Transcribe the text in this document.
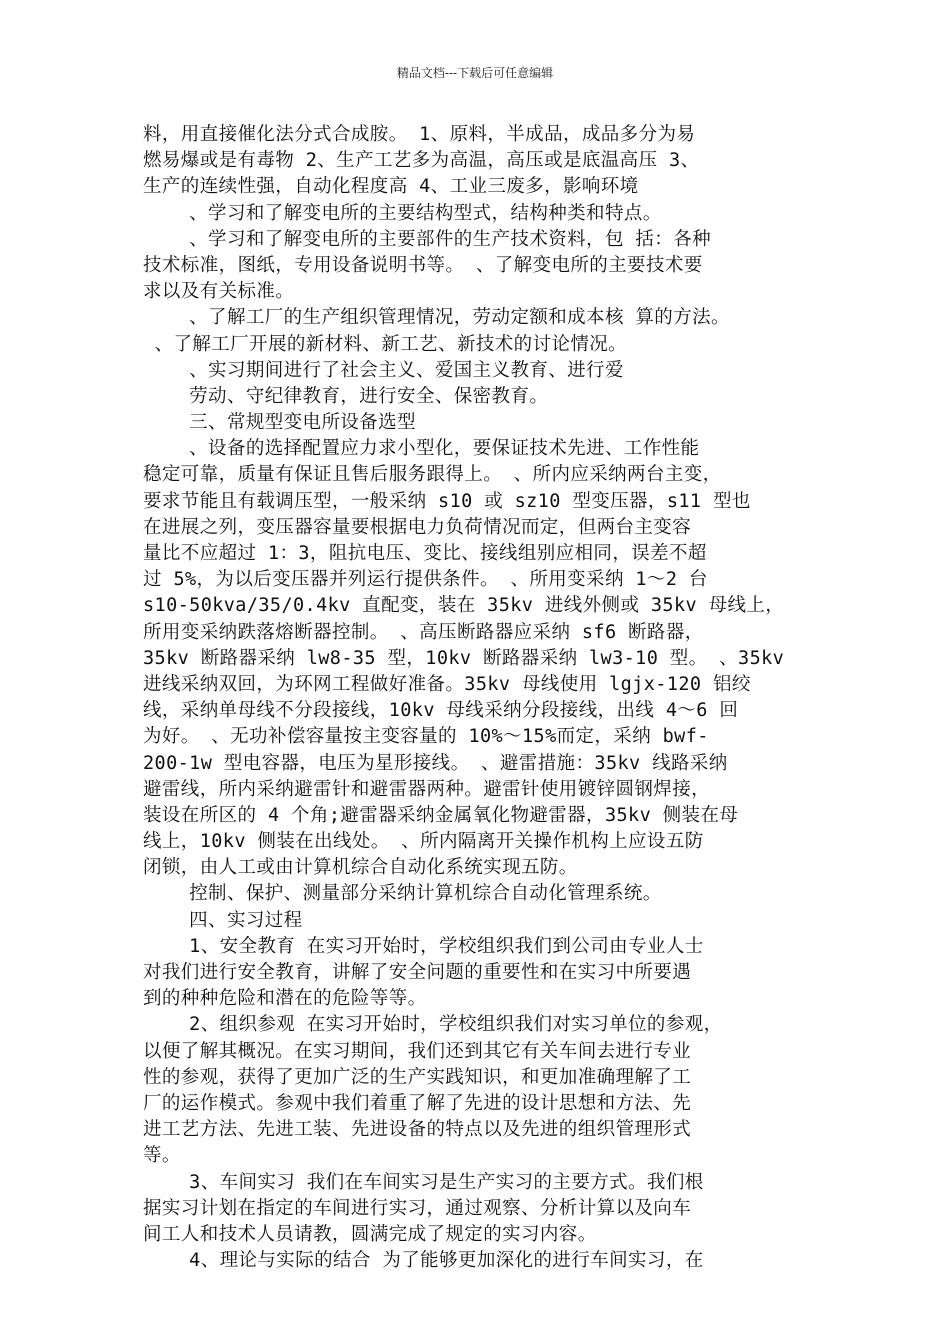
精品文档---下载后可任意编辑
料，用直接催化法分式合成胺。 1、原料，半成品，成品多分为易
燃易爆或是有毒物 2、生产工艺多为高温，高压或是底温高压 3、
生产的连续性强，自动化程度高 4、工业三废多，影响环境
、学习和了解变电所的主要结构型式，结构种类和特点。
、学习和了解变电所的主要部件的生产技术资料，包 括：各种
技术标准，图纸，专用设备说明书等。 、了解变电所的主要技术要
求以及有关标准。
、了解工厂的生产组织管理情况，劳动定额和成本核 算的方法。
、了解工厂开展的新材料、新工艺、新技术的讨论情况。
、实习期间进行了社会主义、爱国主义教育、进行爱
劳动、守纪律教育，进行安全、保密教育。
三、常规型变电所设备选型
、设备的选择配置应力求小型化，要保证技术先进、工作性能
稳定可靠，质量有保证且售后服务跟得上。 、所内应采纳两台主变，
要求节能且有载调压型，一般采纳 s10 或 sz10 型变压器，s11 型也
在进展之列，变压器容量要根据电力负荷情况而定，但两台主变容
量比不应超过 1：3，阻抗电压、变比、接线组别应相同，误差不超
过 5%，为以后变压器并列运行提供条件。 、所用变采纳 1～2 台
s10-50kva/35/0.4kv 直配变，装在 35kv 进线外侧或 35kv 母线上，
所用变采纳跌落熔断器控制。 、高压断路器应采纳 sf6 断路器，
35kv 断路器采纳 lw8-35 型，10kv 断路器采纳 lw3-10 型。 、35kv
进线采纳双回，为环网工程做好准备。35kv 母线使用 lgjx-120 铝绞
线，采纳单母线不分段接线，10kv 母线采纳分段接线，出线 4～6 回
为好。 、无功补偿容量按主变容量的 10%～15%而定，采纳 bwf-
200-1w 型电容器，电压为星形接线。 、避雷措施：35kv 线路采纳
避雷线，所内采纳避雷针和避雷器两种。避雷针使用镀锌圆钢焊接，
装设在所区的 4 个角;避雷器采纳金属氧化物避雷器，35kv 侧装在母
线上，10kv 侧装在出线处。 、所内隔离开关操作机构上应设五防
闭锁，由人工或由计算机综合自动化系统实现五防。
控制、保护、测量部分采纳计算机综合自动化管理系统。
四、实习过程
1、安全教育 在实习开始时，学校组织我们到公司由专业人士
对我们进行安全教育，讲解了安全问题的重要性和在实习中所要遇
到的种种危险和潜在的危险等等。
2、组织参观 在实习开始时，学校组织我们对实习单位的参观，
以便了解其概况。在实习期间，我们还到其它有关车间去进行专业
性的参观，获得了更加广泛的生产实践知识，和更加准确理解了工
厂的运作模式。参观中我们着重了解了先进的设计思想和方法、先
进工艺方法、先进工装、先进设备的特点以及先进的组织管理形式
等。
3、车间实习 我们在车间实习是生产实习的主要方式。我们根
据实习计划在指定的车间进行实习，通过观察、分析计算以及向车
间工人和技术人员请教，圆满完成了规定的实习内容。
4、理论与实际的结合 为了能够更加深化的进行车间实习，在
